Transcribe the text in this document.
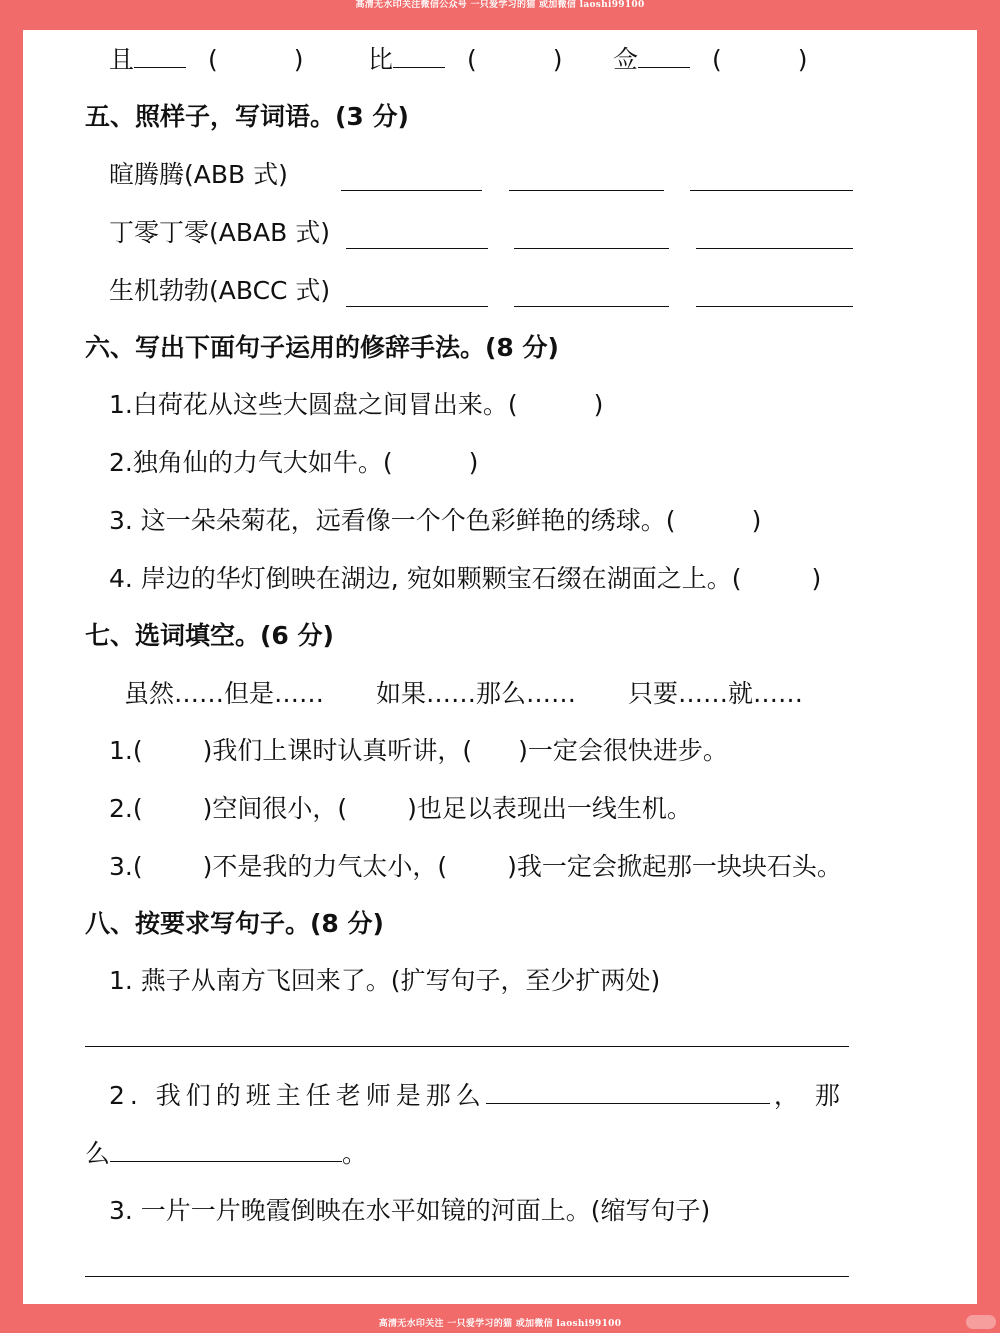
高清无水印关注微信公众号 一只爱学习的猫 或加微信 laoshi99100
且	(	)	比	(	) 佥	(	)
五、照样子，写词语。(3 分)
暄腾腾(ABB 式)
丁零丁零(ABAB 式)
生机勃勃(ABCC 式)
六、写出下面句子运用的修辞手法。(8 分)
1.白荷花从这些大圆盘之间冒出来。(	)
2.独角仙的力气大如牛。(	)
3. 这一朵朵菊花，远看像一个个色彩鲜艳的绣球。(	)
4. 岸边的华灯倒映在湖边, 宛如颗颗宝石缀在湖面之上。(	)
七、选词填空。(6 分)
虽然……但是…… 如果……那么…… 只要……就……
1.( )我们上课时认真听讲，( )一定会很快进步。
2.( )空间很小，( )也足以表现出一线生机。
3.( )不是我的力气太小，( )我一定会掀起那一块块石头。
八、按要求写句子。(8 分)
1. 燕子从南方飞回来了。(扩写句子，至少扩两处)
2. 我们的班主任老师是那么	，那
么	。
3. 一片一片晚霞倒映在水平如镜的河面上。(缩写句子)
高清无水印关注 一只爱学习的猫 或加微信 laoshi99100
